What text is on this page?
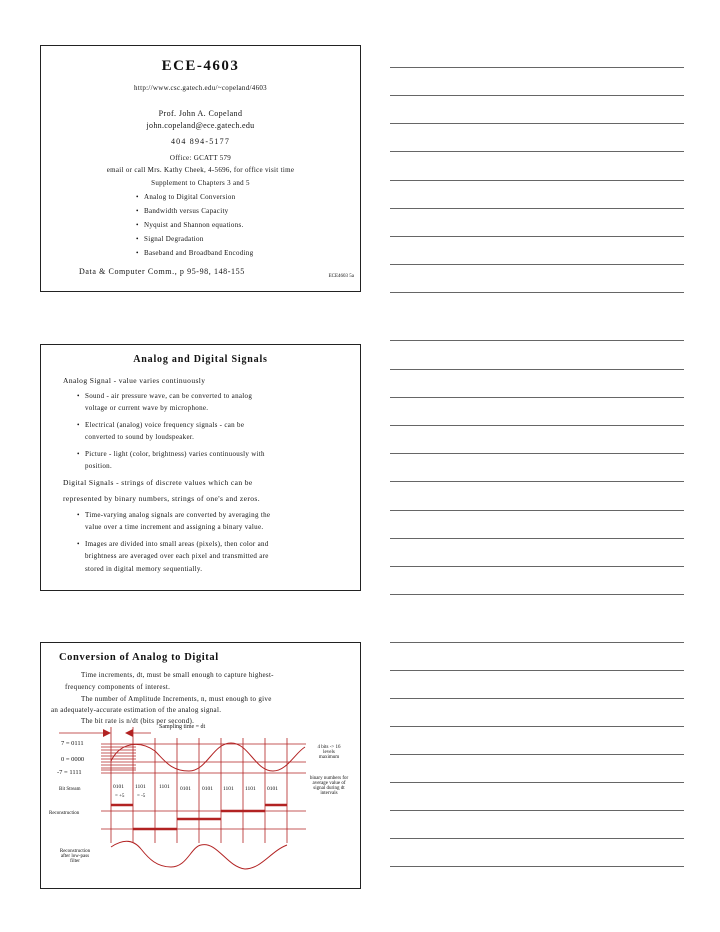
ECE-4603
http://www.csc.gatech.edu/~copeland/4603
Prof. John A. Copeland
john.copeland@ece.gatech.edu
404 894-5177
Office: GCATT 579
email or call Mrs. Kathy Cheek, 4-5696, for office visit time
Supplement to Chapters 3 and 5
• Analog to Digital Conversion
• Bandwidth versus Capacity
• Nyquist and Shannon equations.
• Signal Degradation
• Baseband and Broadband Encoding
Data & Computer Comm., p 95-98, 148-155
ECE4603 5a
Analog and Digital Signals
Analog Signal - value varies continuously
• Sound - air pressure wave, can be converted to analog
voltage or current wave by microphone.
• Electrical (analog) voice frequency signals - can be
converted to sound by loudspeaker.
• Picture - light (color, brightness) varies continuously with
position.
Digital Signals - strings of discrete values which can be
represented by binary numbers, strings of one's and zeros.
• Time-varying analog signals are converted by averaging the
value over a time increment and assigning a binary value.
• Images are divided into small areas (pixels), then color and
brightness are averaged over each pixel and transmitted are
stored in digital memory sequentially.
Conversion of Analog to Digital
Time increments, dt, must be small enough to capture highest-
frequency components of interest.
The number of Amplitude Increments, n, must enough to give
an adequately-accurate estimation of the analog signal.
The bit rate is n/dt (bits per second).
Sampling time = dt
7 = 0111
0 = 0000
-7 = 1111
4 bits -> 16
levels
maximum
binary numbers for
average value of
signal during dt
intervals
Bit Stream	0101 1101 1101 0101 0101 1101 1101 0101
= +5	= -5
Reconstruction
Reconstruction
after low-pass
filter
